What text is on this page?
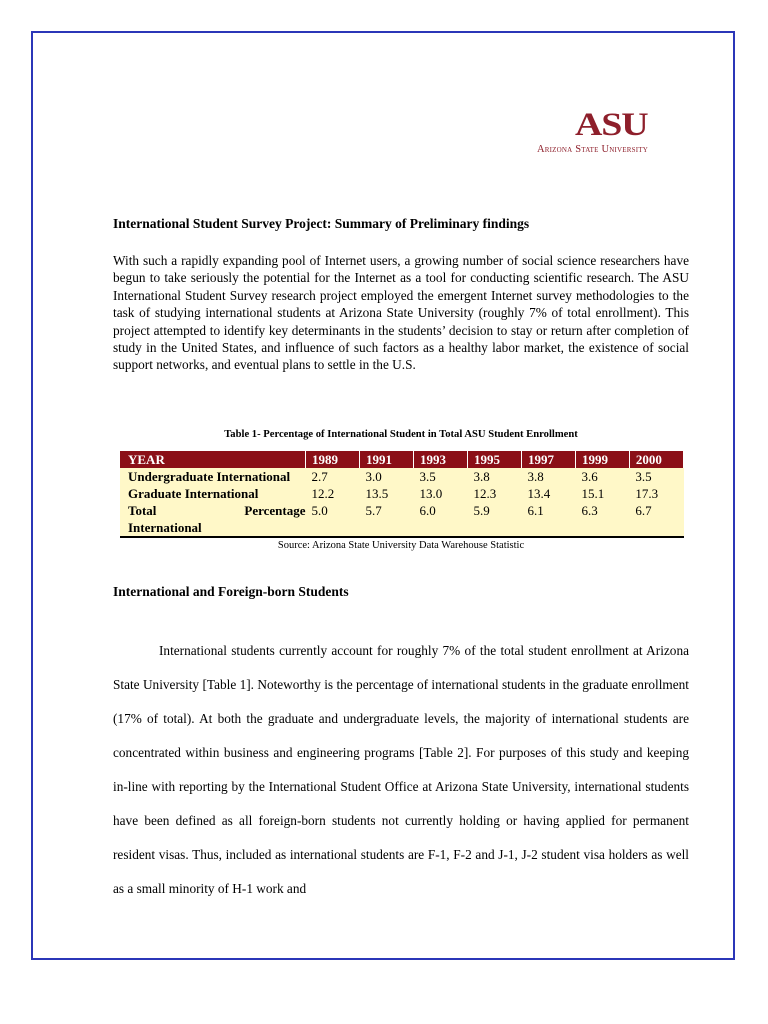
ASU
Arizona State University
International Student Survey Project: Summary of Preliminary findings
With such a rapidly expanding pool of Internet users, a growing number of social science researchers have begun to take seriously the potential for the Internet as a tool for conducting scientific research. The ASU International Student Survey research project employed the emergent Internet survey methodologies to the task of studying international students at Arizona State University (roughly 7% of total enrollment). This project attempted to identify key determinants in the students’ decision to stay or return after completion of study in the United States, and influence of such factors as a healthy labor market, the existence of social support networks, and eventual plans to settle in the U.S.
Table 1- Percentage of International Student in Total ASU Student Enrollment
YEAR	1989	1991	1993	1995	1997	1999	2000
Undergraduate International	2.7	3.0	3.5	3.8	3.8	3.6	3.5
Graduate International	12.2	13.5	13.0	12.3	13.4	15.1	17.3

Total Percentage
International	5.0	5.7	6.0	5.9	6.1	6.3	6.7
Source: Arizona State University Data Warehouse Statistic
International and Foreign-born Students
International students currently account for roughly 7% of the total student enrollment at Arizona State University [Table 1]. Noteworthy is the percentage of international students in the graduate enrollment (17% of total). At both the graduate and undergraduate levels, the majority of international students are concentrated within business and engineering programs [Table 2]. For purposes of this study and keeping in-line with reporting by the International Student Office at Arizona State University, international students have been defined as all foreign-born students not currently holding or having applied for permanent resident visas. Thus, included as international students are F-1, F-2 and J-1, J-2 student visa holders as well as a small minority of H-1 work and
